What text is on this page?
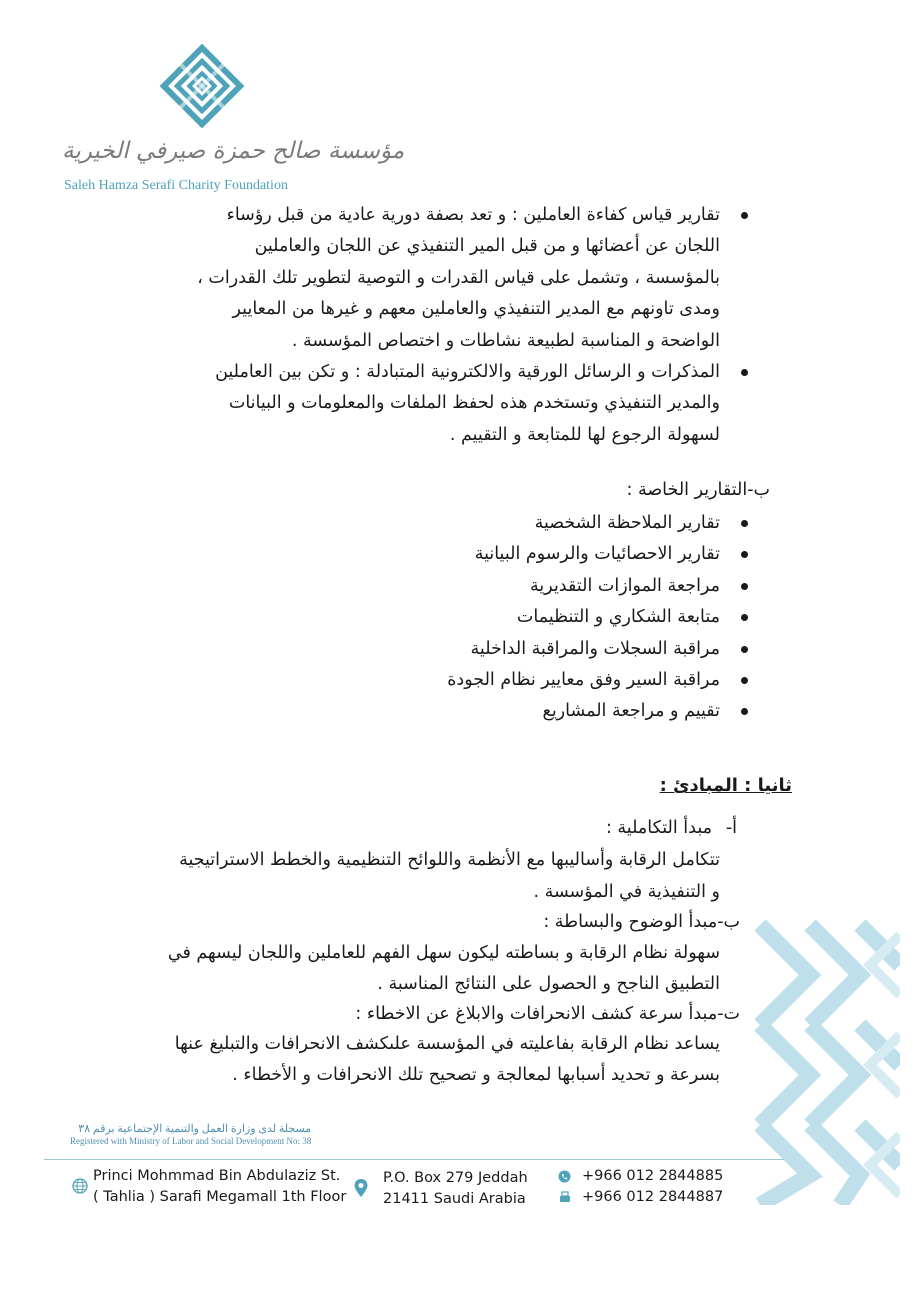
مؤسسة صالح حمزة صيرفي الخيرية
Saleh Hamza Serafi Charity Foundation
تقارير قياس كفاءة العاملين : و تعد بصفة دورية عادية من قبل رؤساء
اللجان عن أعضائها و من قبل المير التنفيذي عن اللجان والعاملين
بالمؤسسة ، وتشمل على قياس القدرات و التوصية لتطوير تلك القدرات ،
ومدى تاونهم مع المدير التنفيذي والعاملين معهم و غيرها من المعايير
الواضحة و المناسبة لطبيعة نشاطات و اختصاص المؤسسة .
المذكرات و الرسائل الورقية والالكترونية المتبادلة : و تكن بين العاملين
والمدير التنفيذي وتستخدم هذه لحفظ الملفات والمعلومات و البيانات
لسهولة الرجوع لها للمتابعة و التقييم .
ب-التقارير الخاصة :
تقارير الملاحظة الشخصية
تقارير الاحصائيات والرسوم البيانية
مراجعة الموازات التقديرية
متابعة الشكاري و التنظيمات
مراقبة السجلات والمراقبة الداخلية
مراقبة السير وفق معايير نظام الجودة
تقييم و مراجعة المشاريع
ثانيا : المبادئ :
أ-
مبدأ التكاملية :
تتكامل الرقابة وأساليبها مع الأنظمة واللوائح التنظيمية والخطط الاستراتيجية
و التنفيذية في المؤسسة .
ب-مبدأ الوضوح والبساطة :
سهولة نظام الرقابة و بساطته ليكون سهل الفهم للعاملين واللجان ليسهم في
التطبيق الناجح و الحصول على النتائج المناسبة .
ت-مبدأ سرعة كشف الانحرافات والابلاغ عن الاخطاء :
يساعد نظام الرقابة بفاعليته في المؤسسة علىكشف الانحرافات والتبليغ عنها
بسرعة و تحديد أسبابها لمعالجة و تصحيح تلك الانحرافات و الأخطاء .
مسجلة لدى وزارة العمل والتنمية الإجتماعية برقم ٣٨
Registered with Ministry of Labor and Social Development No: 38
Princi Mohmmad Bin Abdulaziz St.
( Tahlia ) Sarafi Megamall 1th Floor
P.O. Box 279 Jeddah
21411 Saudi Arabia
+966 012 2844885
+966 012 2844887
